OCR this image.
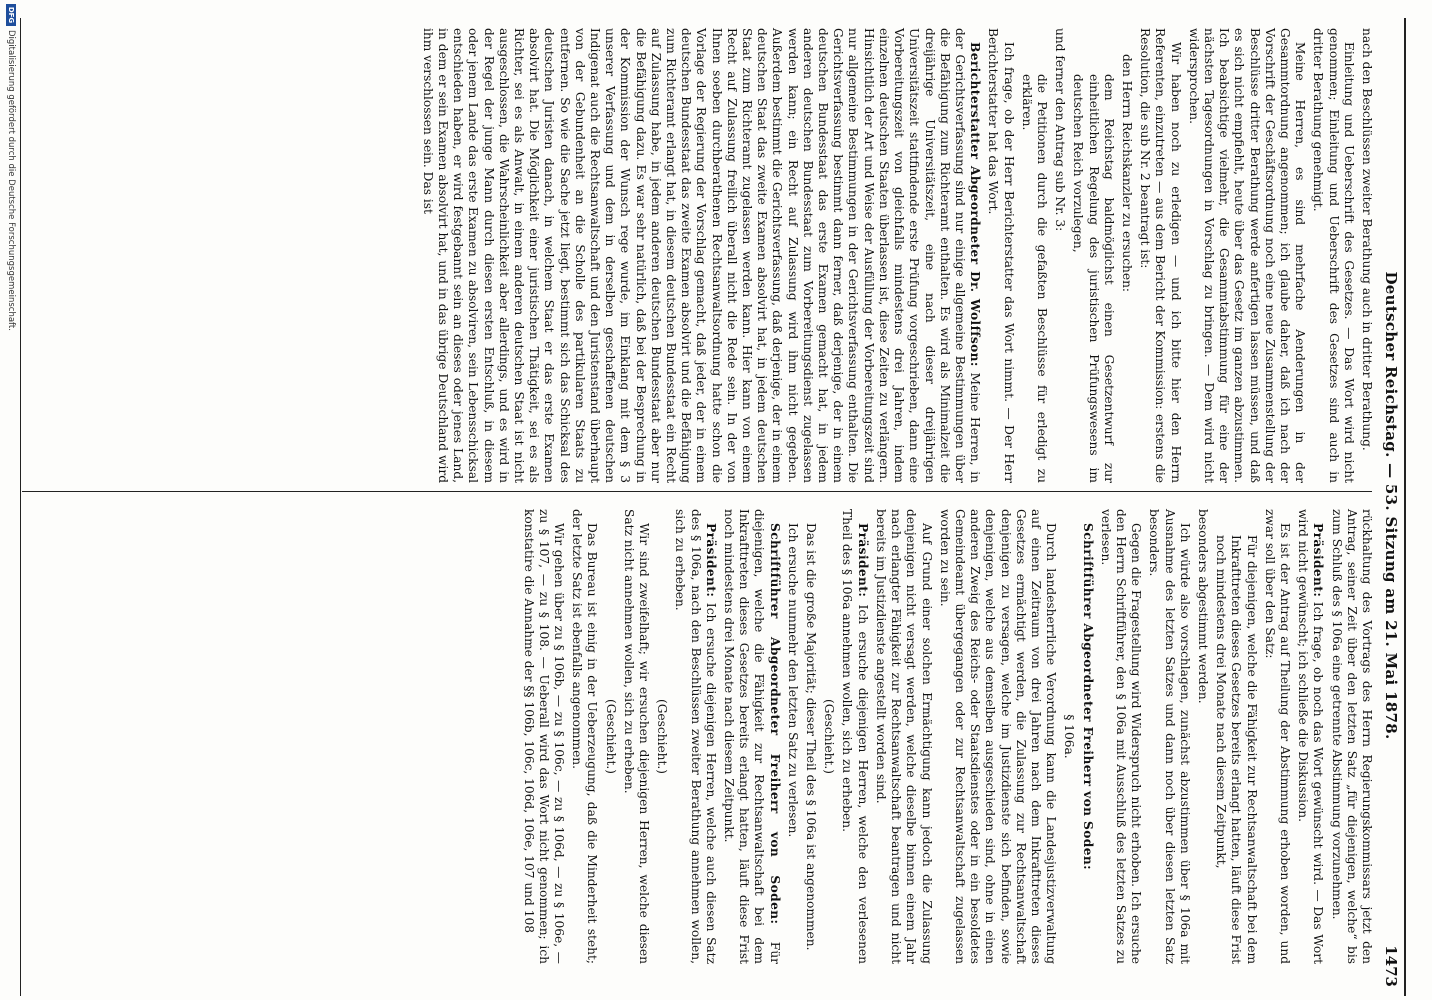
Deutscher Reichstag. — 53. Sitzung am 21. Mai 1878.
1473

nach den Beschlüssen zweiter Berathung auch in dritter Berathung.

Einleitung und Ueberschrift des Gesetzes. — Das Wort wird nicht genommen; Einleitung und Ueberschrift des Gesetzes sind auch in dritter Berathung genehmigt.

Meine Herren, es sind mehrfache Aenderungen in der Gesammtordnung angenommen; ich glaube daher, daß ich nach der Vorschrift der Geschäftsordnung noch eine neue Zusammenstellung der Beschlüsse dritter Berathung werde anfertigen lassen müssen, und daß es sich nicht empfiehlt, heute über das Gesetz im ganzen abzustimmen. Ich beabsichtige vielmehr, die Gesammtabstimmung für eine der nächsten Tagesordnungen in Vorschlag zu bringen. — Dem wird nicht widersprochen.

Wir haben noch zu erledigen — und ich bitte hier den Herrn Referenten, einzutreten — aus dem Bericht der Kommission: erstens die Resolution, die sub Nr. 2 beantragt ist:

den Herrn Reichskanzler zu ersuchen:

dem Reichstag baldmöglichst einen Gesetzentwurf zur einheitlichen Regelung des juristischen Prüfungswesens im deutschen Reich vorzulegen,

und ferner den Antrag sub Nr. 3:

die Petitionen durch die gefaßten Beschlüsse für erledigt zu erklären.

Ich frage, ob der Herr Berichterstatter das Wort nimmt. — Der Herr Berichterstatter hat das Wort.

Berichterstatter Abgeordneter Dr. Wolffson: Meine Herren, in der Gerichtsverfassung sind nur einige allgemeine Bestimmungen über die Befähigung zum Richteramt enthalten. Es wird als Minimalzeit die dreijährige Universitätszeit, eine nach dieser dreijährigen Universitätszeit stattfindende erste Prüfung vorgeschrieben, dann eine Vorbereitungszeit von gleichfalls mindestens drei Jahren, indem einzelnen deutschen Staaten überlassen ist, diese Zeiten zu verlängern. Hinsichtlich der Art und Weise der Ausfüllung der Vorbereitungszeit sind nur allgemeine Bestimmungen in der Gerichtsverfassung enthalten. Die Gerichtsverfassung bestimmt dann ferner, daß derjenige, der in einem deutschen Bundesstaat das erste Examen gemacht hat, in jedem anderen deutschen Bundesstaat zum Vorbereitungsdienst zugelassen werden kann; ein Recht auf Zulassung wird ihm nicht gegeben. Außerdem bestimmt die Gerichtsverfassung, daß derjenige, der in einem deutschen Staat das zweite Examen absolvirt hat, in jedem deutschen Staat zum Richteramt zugelassen werden kann. Hier kann von einem Recht auf Zulassung freilich überall nicht die Rede sein. In der von Ihnen soeben durchberathenen Rechtsanwaltsordnung hatte schon die Vorlage der Regierung der Vorschlag gemacht, daß jeder, der in einem deutschen Bundesstaat das zweite Examen absolvirt und die Befähigung zum Richteramt erlangt hat, in diesem deutschen Bundesstaat ein Recht auf Zulassung habe, in jedem anderen deutschen Bundesstaat aber nur die Befähigung dazu. Es war sehr natürlich, daß bei der Besprechung in der Kommission der Wunsch rege wurde, im Einklang mit dem § 3 unserer Verfassung und dem in derselben geschaffenen deutschen Indigenat auch die Rechtsanwaltschaft und den Juristenstand überhaupt von der Gebundenheit an die Scholle des partikularen Staats zu entfernen. So wie die Sache jetzt liegt, bestimmt sich das Schicksal des deutschen Juristen danach, in welchem Staat er das erste Examen absolvirt hat. Die Möglichkeit einer juristischen Thätigkeit, sei es als Richter, sei es als Anwalt, in einem anderen deutschen Staat ist nicht ausgeschlossen, die Wahrscheinlichkeit aber allerdings, und es wird in der Regel der junge Mann durch diesen ersten Entschluß, in diesem oder jenem Lande das erste Examen zu absolviren, sein Lebensschicksal entschieden haben, er wird festgebannt sein an dieses oder jenes Land, in dem er sein Examen absolvirt hat, und in das übrige Deutschland wird ihm verschlossen sein. Das ist

rückhaltung des Vortrags des Herrn Regierungskommissars jetzt den Antrag, seiner Zeit über den letzten Satz „für diejenigen, welche“ bis zum Schluß des § 106a eine getrennte Abstimmung vorzunehmen.

Präsident: Ich frage, ob noch das Wort gewünscht wird. — Das Wort wird nicht gewünscht; ich schließe die Diskussion.

Es ist der Antrag auf Theilung der Abstimmung erhoben worden, und zwar soll über den Satz:

Für diejenigen, welche die Fähigkeit zur Rechtsanwaltschaft bei dem Inkrafttreten dieses Gesetzes bereits erlangt hatten, läuft diese Frist noch mindestens drei Monate nach diesem Zeitpunkt,

besonders abgestimmt werden.

Ich würde also vorschlagen, zunächst abzustimmen über § 106a mit Ausnahme des letzten Satzes und dann noch über diesen letzten Satz besonders.

Gegen die Fragestellung wird Widerspruch nicht erhoben. Ich ersuche den Herrn Schriftführer, den § 106a mit Ausschluß des letzten Satzes zu verlesen.

Schriftführer Abgeordneter Freiherr von Soden:

§ 106a.

Durch landesherrliche Verordnung kann die Landesjustizverwaltung auf einen Zeitraum von drei Jahren nach dem Inkrafttreten dieses Gesetzes ermächtigt werden, die Zulassung zur Rechtsanwaltschaft denjenigen zu versagen, welche im Justizdienste sich befinden, sowie denjenigen, welche aus demselben ausgeschieden sind, ohne in einen anderen Zweig des Reichs- oder Staatsdienstes oder in ein besoldetes Gemeindeamt übergegangen oder zur Rechtsanwaltschaft zugelassen worden zu sein.

Auf Grund einer solchen Ermächtigung kann jedoch die Zulassung denjenigen nicht versagt werden, welche dieselbe binnen einem Jahr nach erlangter Fähigkeit zur Rechtsanwaltschaft beantragen und nicht bereits im Justizdienste angestellt worden sind.

Präsident: Ich ersuche diejenigen Herren, welche den verlesenen Theil des § 106a annehmen wollen, sich zu erheben.

(Geschieht.)

Das ist die große Majorität; dieser Theil des § 106a ist angenommen.

Ich ersuche nunmehr den letzten Satz zu verlesen.

Schriftführer Abgeordneter Freiherr von Soden: Für diejenigen, welche die Fähigkeit zur Rechtsanwaltschaft bei dem Inkrafttreten dieses Gesetzes bereits erlangt hatten, läuft diese Frist noch mindestens drei Monate nach diesem Zeitpunkt.

Präsident: Ich ersuche diejenigen Herren, welche auch diesen Satz des § 106a, nach den Beschlüssen zweiter Berathung annehmen wollen, sich zu erheben.

(Geschieht.)

Wir sind zweifelhaft; wir ersuchen diejenigen Herren, welche diesen Satz nicht annehmen wollen, sich zu erheben.

(Geschieht.)

Das Bureau ist einig in der Ueberzeugung, daß die Minderheit steht; der letzte Satz ist ebenfalls angenommen.

Wir gehen über zu § 106b, — zu § 106c, — zu § 106d, — zu § 106e, — zu § 107, — zu § 108. — Ueberall wird das Wort nicht genommen; ich konstatire die Annahme der §§ 106b, 106c, 106d, 106e, 107 und 108

DFG
Digitalisierung gefördert durch die Deutsche Forschungsgemeinschaft.
